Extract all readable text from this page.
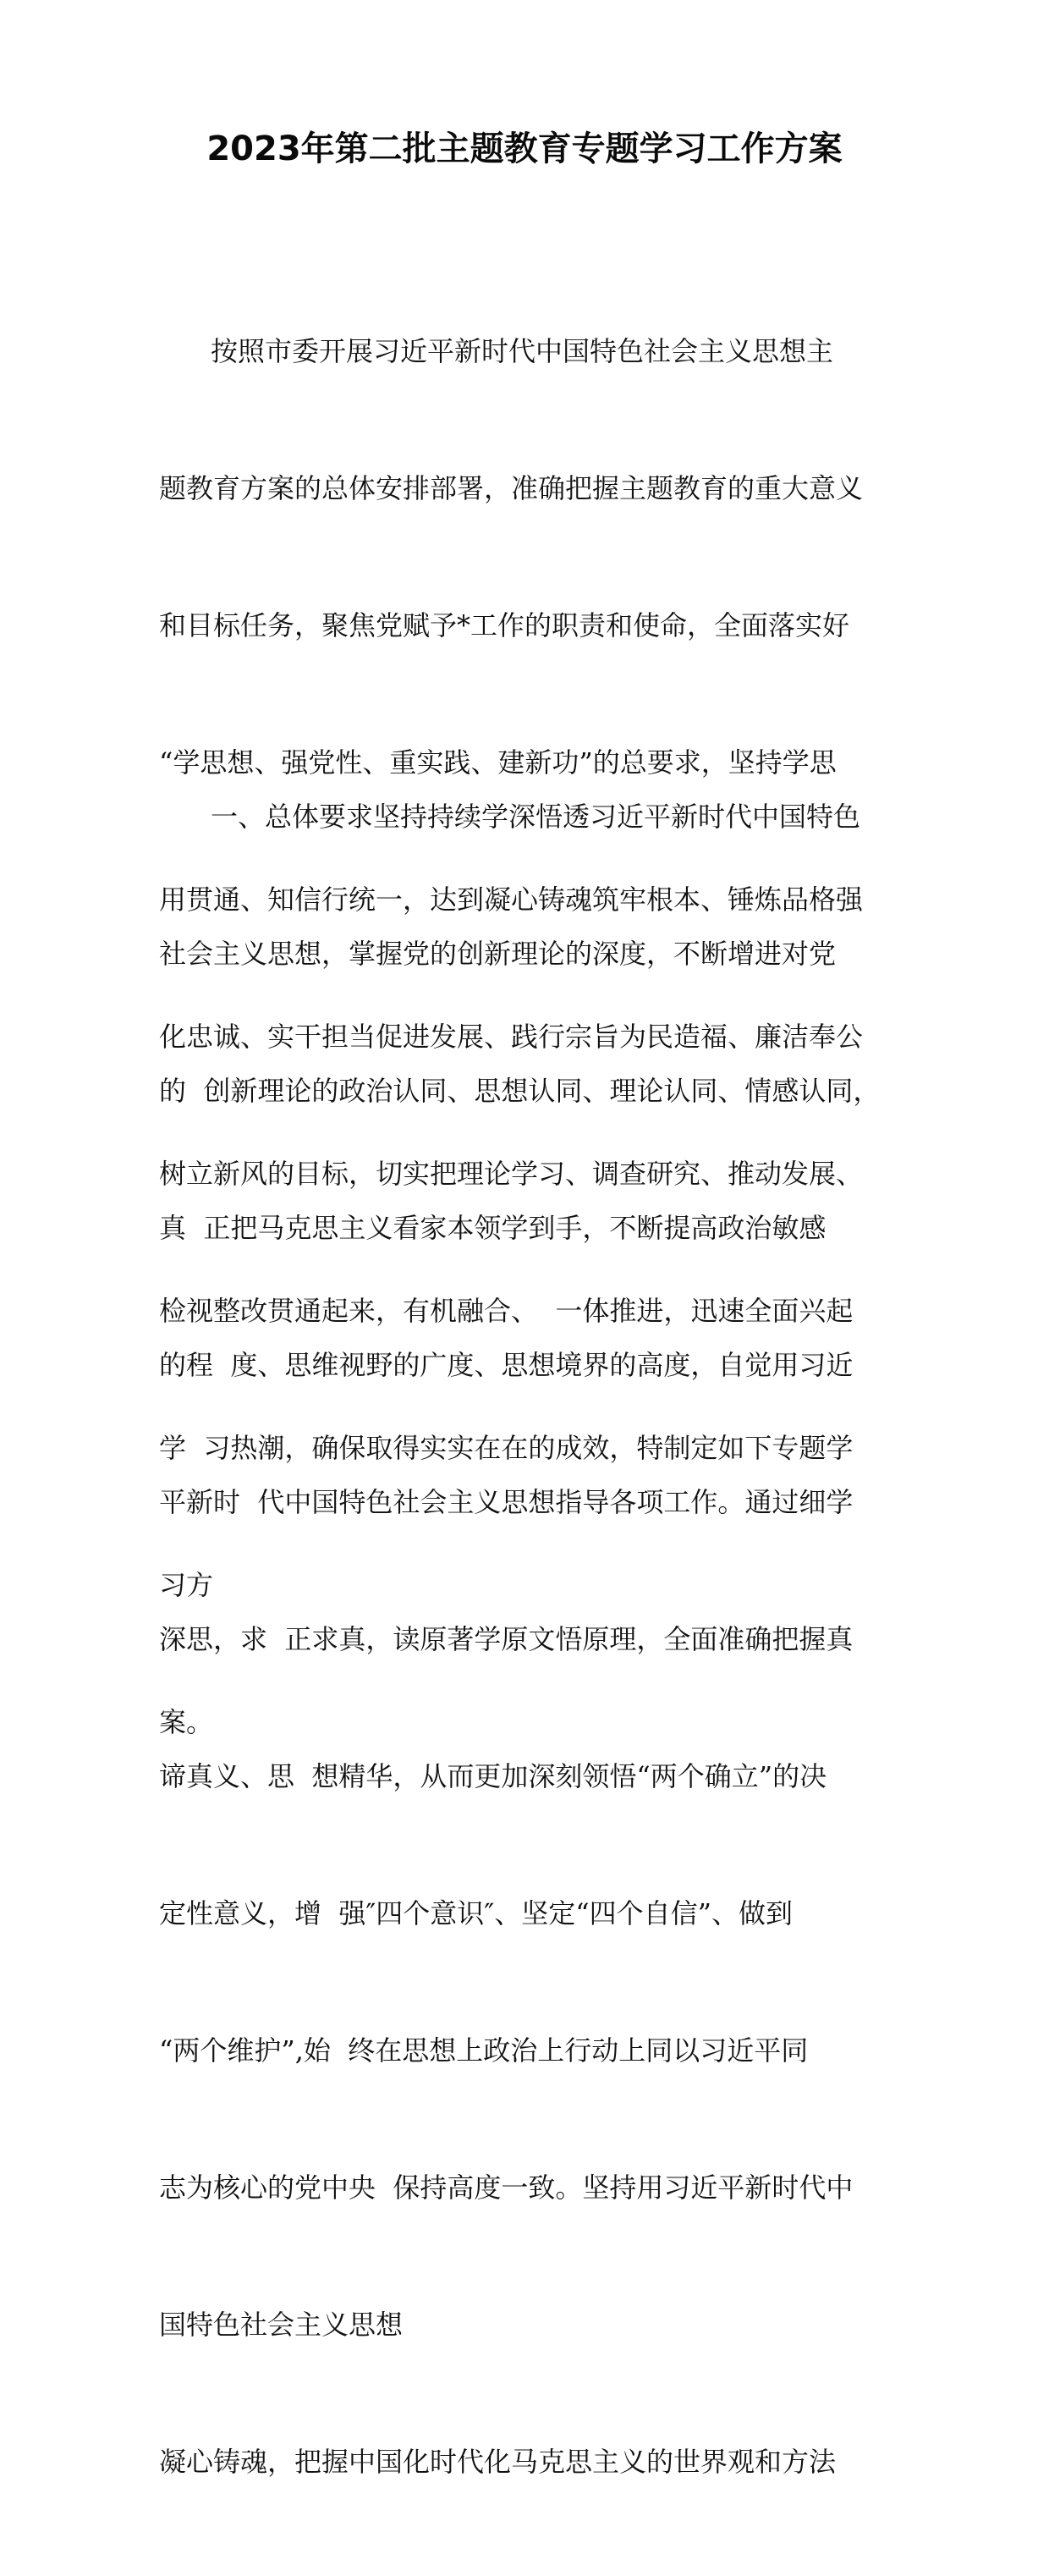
2023年第二批主题教育专题学习工作方案

按照市委开展习近平新时代中国特色社会主义思想主

题教育方案的总体安排部署，准确把握主题教育的重大意义

和目标任务，聚焦党赋予*工作的职责和使命，全面落实好

“学思想、强党性、重实践、建新功”的总要求，坚持学思

用贯通、知信行统一，达到凝心铸魂筑牢根本、锤炼品格强

化忠诚、实干担当促进发展、践行宗旨为民造福、廉洁奉公

树立新风的目标，切实把理论学习、调查研究、推动发展、

检视整改贯通起来，有机融合、  一体推进，迅速全面兴起

学  习热潮，确保取得实实在在的成效，特制定如下专题学

习方

案。

一、总体要求坚持持续学深悟透习近平新时代中国特色

社会主义思想，掌握党的创新理论的深度，不断增进对党

的  创新理论的政治认同、思想认同、理论认同、情感认同，

真  正把马克思主义看家本领学到手，不断提高政治敏感

的程  度、思维视野的广度、思想境界的高度，自觉用习近

平新时  代中国特色社会主义思想指导各项工作。通过细学

深思，求  正求真，读原著学原文悟原理，全面准确把握真

谛真义、思  想精华，从而更加深刻领悟“两个确立”的决

定性意义，增  强″四个意识″、坚定“四个自信”、做到

“两个维护”,始  终在思想上政治上行动上同以习近平同

志为核心的党中央  保持高度一致。坚持用习近平新时代中

国特色社会主义思想

凝心铸魂，把握中国化时代化马克思主义的世界观和方法
